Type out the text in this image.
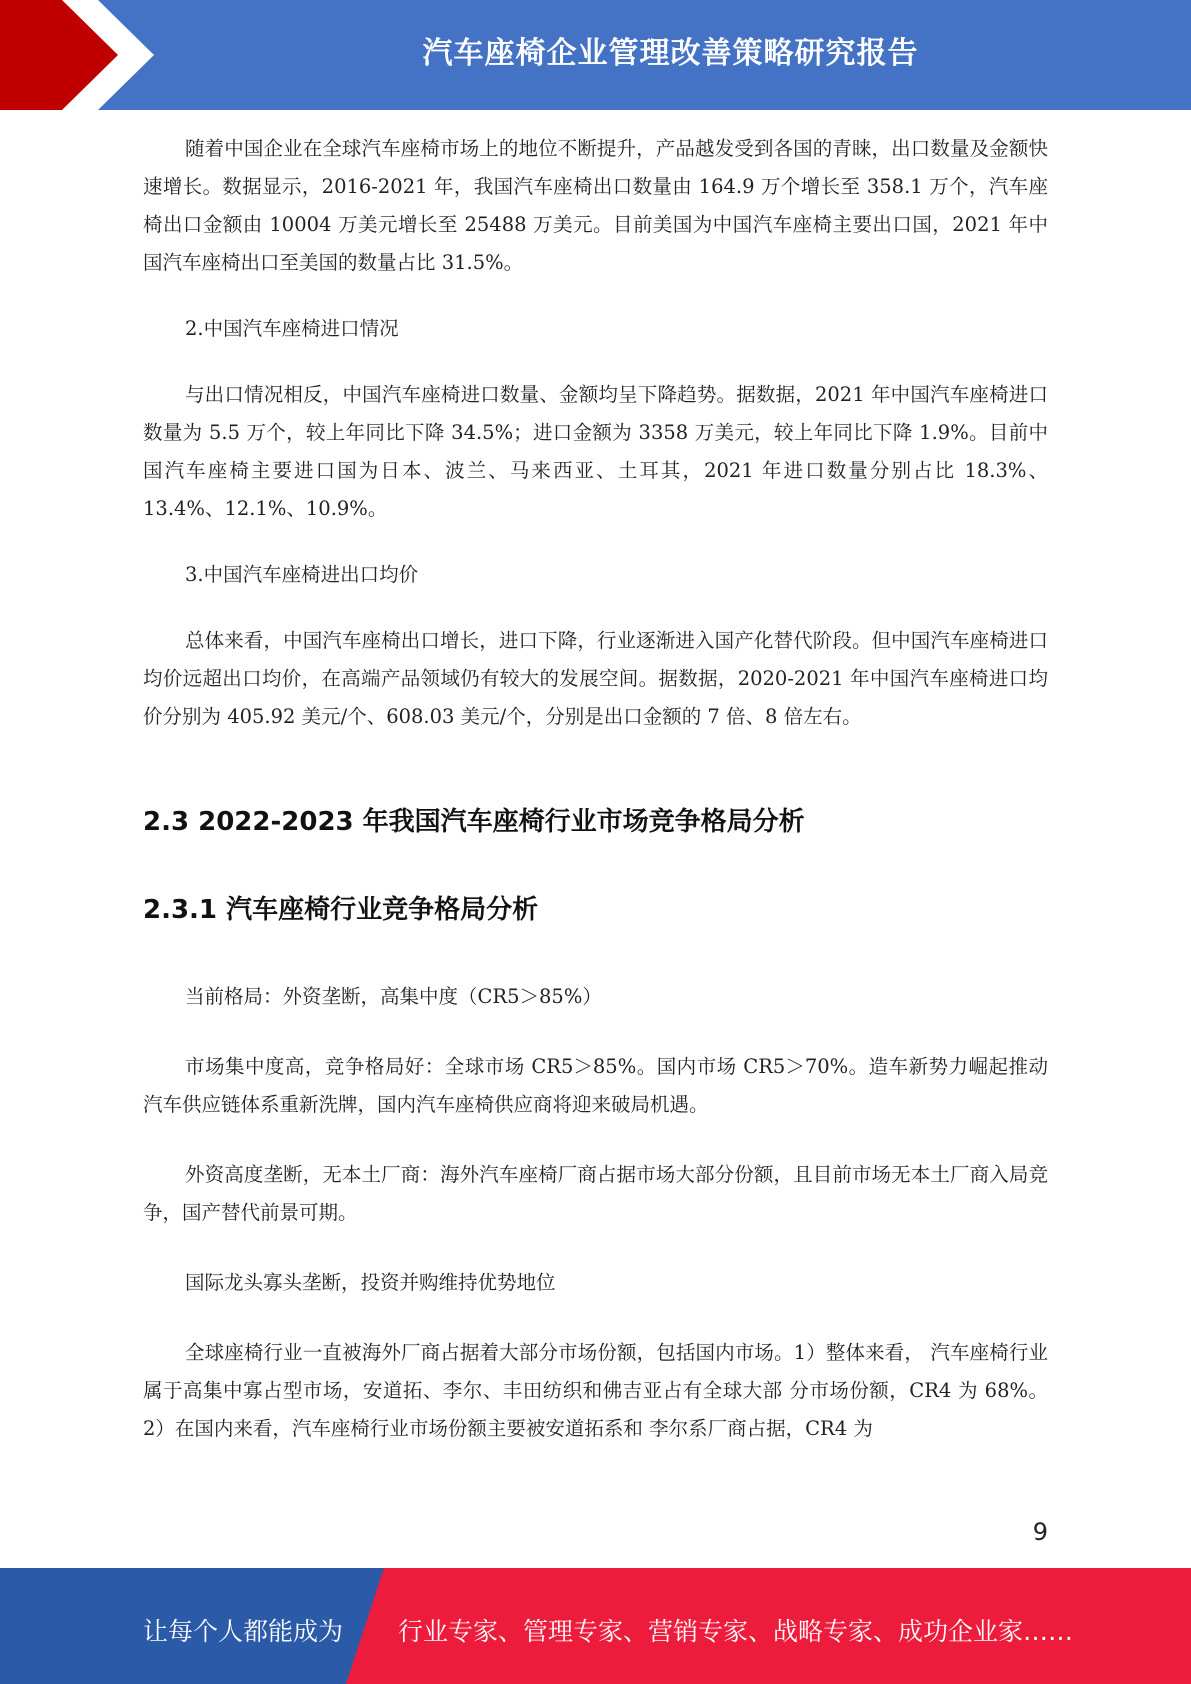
汽车座椅企业管理改善策略研究报告

随着中国企业在全球汽车座椅市场上的地位不断提升，产品越发受到各国的青睐，出口数量及金额快速增长。数据显示，2016-2021 年，我国汽车座椅出口数量由 164.9 万个增长至 358.1 万个，汽车座椅出口金额由 10004 万美元增长至 25488 万美元。目前美国为中国汽车座椅主要出口国，2021 年中国汽车座椅出口至美国的数量占比 31.5%。

2.中国汽车座椅进口情况

与出口情况相反，中国汽车座椅进口数量、金额均呈下降趋势。据数据，2021 年中国汽车座椅进口数量为 5.5 万个，较上年同比下降 34.5%；进口金额为 3358 万美元，较上年同比下降 1.9%。目前中国汽车座椅主要进口国为日本、波兰、马来西亚、土耳其，2021 年进口数量分别占比 18.3%、13.4%、12.1%、10.9%。

3.中国汽车座椅进出口均价

总体来看，中国汽车座椅出口增长，进口下降，行业逐渐进入国产化替代阶段。但中国汽车座椅进口均价远超出口均价，在高端产品领域仍有较大的发展空间。据数据，2020-2021 年中国汽车座椅进口均价分别为 405.92 美元/个、608.03 美元/个，分别是出口金额的 7 倍、8 倍左右。

2.3 2022-2023 年我国汽车座椅行业市场竞争格局分析
2.3.1 汽车座椅行业竞争格局分析

当前格局：外资垄断，高集中度（CR5＞85%）

市场集中度高，竞争格局好：全球市场 CR5＞85%。国内市场 CR5＞70%。造车新势力崛起推动汽车供应链体系重新洗牌，国内汽车座椅供应商将迎来破局机遇。

外资高度垄断，无本土厂商：海外汽车座椅厂商占据市场大部分份额，且目前市场无本土厂商入局竞争，国产替代前景可期。

国际龙头寡头垄断，投资并购维持优势地位

全球座椅行业一直被海外厂商占据着大部分市场份额，包括国内市场。1）整体来看， 汽车座椅行业属于高集中寡占型市场，安道拓、李尔、丰田纺织和佛吉亚占有全球大部 分市场份额，CR4 为 68%。2）在国内来看，汽车座椅行业市场份额主要被安道拓系和 李尔系厂商占据，CR4 为

9
让每个人都能成为 行业专家、管理专家、营销专家、战略专家、成功企业家……
